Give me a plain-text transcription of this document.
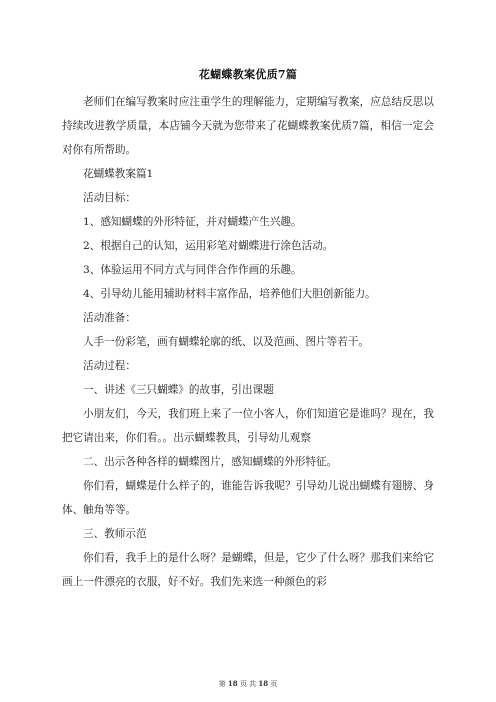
花蝴蝶教案优质7篇

老师们在编写教案时应注重学生的理解能力，定期编写教案，应总结反思以持续改进教学质量，本店铺今天就为您带来了花蝴蝶教案优质7篇，相信一定会对你有所帮助。

花蝴蝶教案篇1

活动目标：

1、感知蝴蝶的外形特征，并对蝴蝶产生兴趣。

2、根据自己的认知，运用彩笔对蝴蝶进行涂色活动。

3、体验运用不同方式与同伴合作作画的乐趣。

4、引导幼儿能用辅助材料丰富作品，培养他们大胆创新能力。

活动准备：

人手一份彩笔，画有蝴蝶轮廓的纸、以及范画、图片等若干。

活动过程：

一、讲述《三只蝴蝶》的故事，引出课题

小朋友们，今天，我们班上来了一位小客人，你们知道它是谁吗？现在，我把它请出来，你们看。。出示蝴蝶教具，引导幼儿观察

二、出示各种各样的蝴蝶图片，感知蝴蝶的外形特征。

你们看，蝴蝶是什么样子的，谁能告诉我呢？引导幼儿说出蝴蝶有翅膀、身体、触角等等。

三、教师示范

你们看，我手上的是什么呀？是蝴蝶，但是，它少了什么呀？那我们来给它画上一件漂亮的衣服，好不好。我们先来选一种颜色的彩

第 18 页 共 18 页
